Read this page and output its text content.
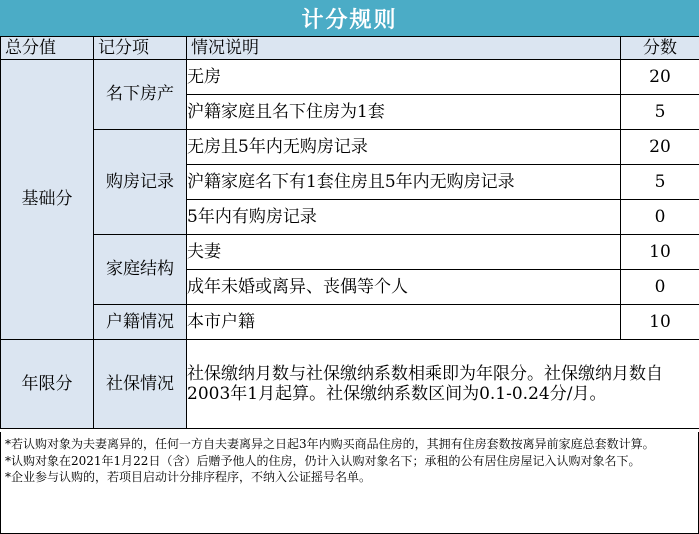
计分规则
总分值	记分项	情况说明	分数
基础分	名下房产	无房	20
		沪籍家庭且名下住房为1套	5
	购房记录	无房且5年内无购房记录	20
		沪籍家庭名下有1套住房且5年内无购房记录	5
		5年内有购房记录	0
	家庭结构	夫妻	10
		成年未婚或离异、丧偶等个人	0
	户籍情况	本市户籍	10
年限分	社保情况	社保缴纳月数与社保缴纳系数相乘即为年限分。社保缴纳月数自2003年1月起算。社保缴纳系数区间为0.1-0.24分/月。	

*若认购对象为夫妻离异的，任何一方自夫妻离异之日起3年内购买商品住房的，其拥有住房套数按离异前家庭总套数计算。

*认购对象在2021年1月22日（含）后赠予他人的住房，仍计入认购对象名下；承租的公有居住房屋记入认购对象名下。

*企业参与认购的，若项目启动计分排序程序，不纳入公证摇号名单。
